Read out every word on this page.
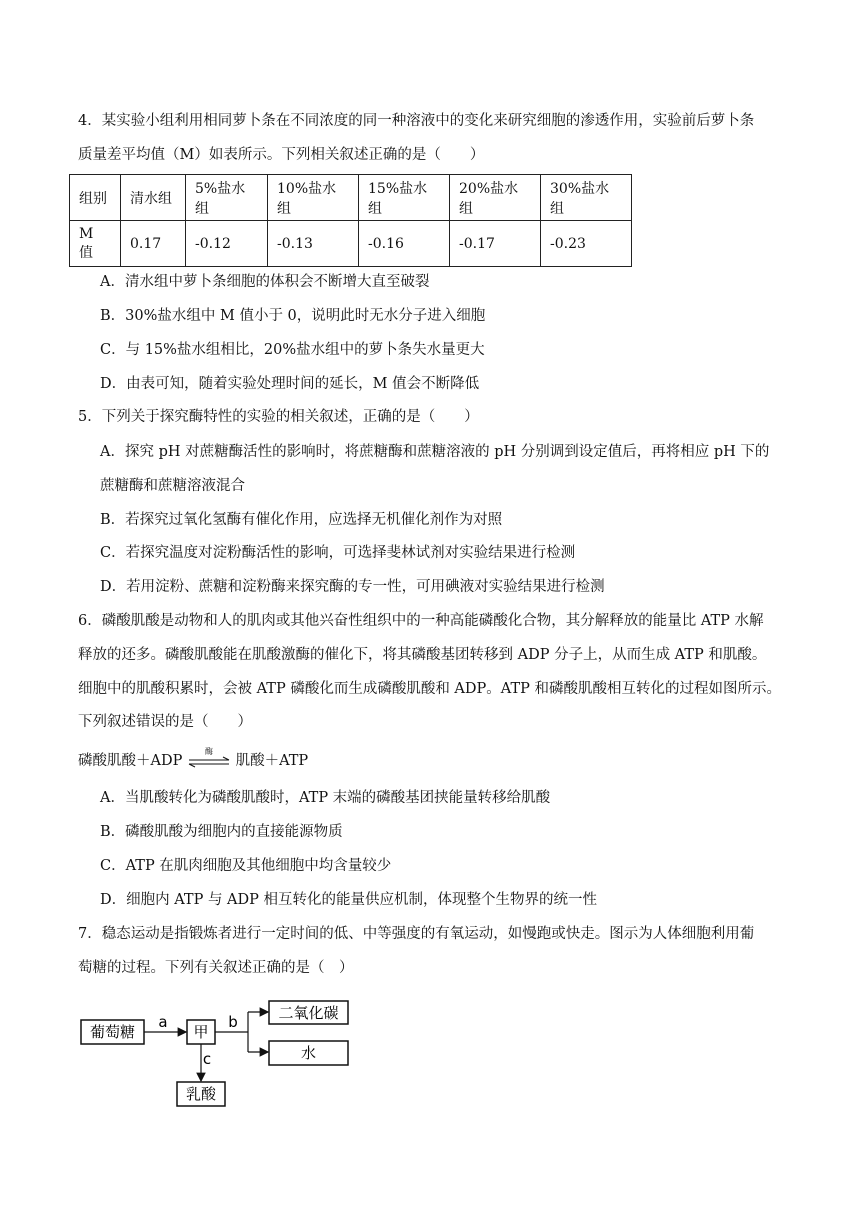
4．某实验小组利用相同萝卜条在不同浓度的同一种溶液中的变化来研究细胞的渗透作用，实验前后萝卜条
质量差平均值（M）如表所示。下列相关叙述正确的是（　　）
组别	清水组	5%盐水组	10%盐水组	15%盐水组	20%盐水组	30%盐水组
M 值	0.17	-0.12	-0.13	-0.16	-0.17	-0.23
A．清水组中萝卜条细胞的体积会不断增大直至破裂
B．30%盐水组中 M 值小于 0，说明此时无水分子进入细胞
C．与 15%盐水组相比，20%盐水组中的萝卜条失水量更大
D．由表可知，随着实验处理时间的延长，M 值会不断降低
5．下列关于探究酶特性的实验的相关叙述，正确的是（　　）
A．探究 pH 对蔗糖酶活性的影响时，将蔗糖酶和蔗糖溶液的 pH 分别调到设定值后，再将相应 pH 下的
蔗糖酶和蔗糖溶液混合
B．若探究过氧化氢酶有催化作用，应选择无机催化剂作为对照
C．若探究温度对淀粉酶活性的影响，可选择斐林试剂对实验结果进行检测
D．若用淀粉、蔗糖和淀粉酶来探究酶的专一性，可用碘液对实验结果进行检测
6．磷酸肌酸是动物和人的肌肉或其他兴奋性组织中的一种高能磷酸化合物，其分解释放的能量比 ATP 水解
释放的还多。磷酸肌酸能在肌酸激酶的催化下，将其磷酸基团转移到 ADP 分子上，从而生成 ATP 和肌酸。
细胞中的肌酸积累时，会被 ATP 磷酸化而生成磷酸肌酸和 ADP。ATP 和磷酸肌酸相互转化的过程如图所示。
下列叙述错误的是（　　）
磷酸肌酸＋ADP
酶
肌酸＋ATP
A．当肌酸转化为磷酸肌酸时，ATP 末端的磷酸基团挟能量转移给肌酸
B．磷酸肌酸为细胞内的直接能源物质
C．ATP 在肌肉细胞及其他细胞中均含量较少
D．细胞内 ATP 与 ADP 相互转化的能量供应机制，体现整个生物界的统一性
7．稳态运动是指锻炼者进行一定时间的低、中等强度的有氧运动，如慢跑或快走。图示为人体细胞利用葡
萄糖的过程。下列有关叙述正确的是（　）
葡萄糖
a
甲
b	二氧化碳
水
c
乳酸
